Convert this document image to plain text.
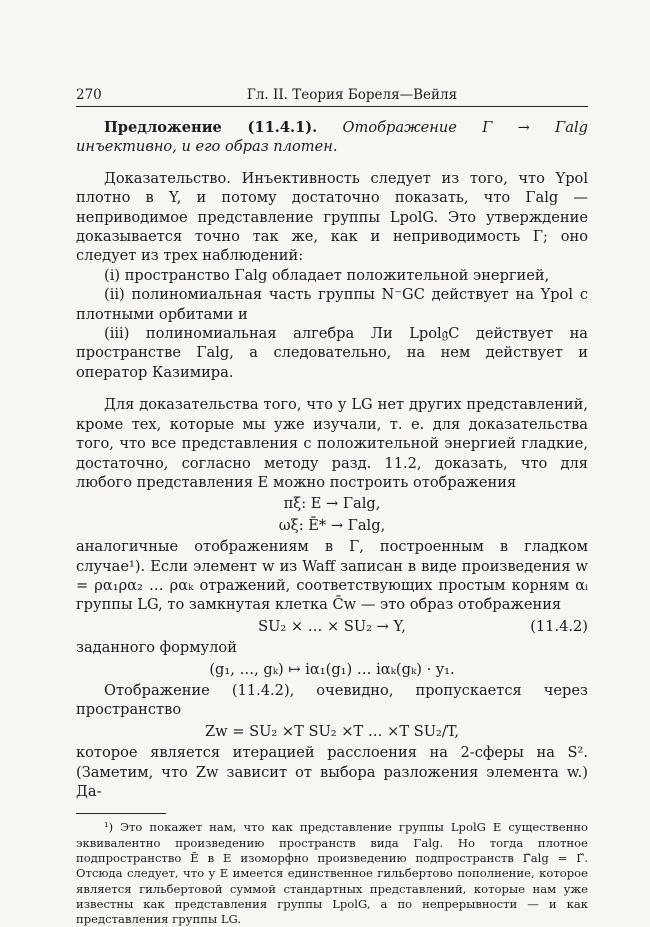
270	Гл. II. Теория Бореля—Вейля

Предложение (11.4.1). Отображение Γ → Γalg инъективно, и его образ плотен.

Доказательство. Инъективность следует из того, что Ypol плотно в Y, и потому достаточно показать, что Γalg — неприводимое представление группы LpolG. Это утверждение доказывается точно так же, как и неприводимость Γ; оно следует из трех наблюдений:

(i) пространство Γalg обладает положительной энергией,

(ii) полиномиальная часть группы N⁻GC действует на Ypol с плотными орбитами и

(iii) полиномиальная алгебра Ли Lpol𝔤C действует на пространстве Γalg, а следовательно, на нем действует и оператор Казимира.

Для доказательства того, что у LG нет других представлений, кроме тех, которые мы уже изучали, т. е. для доказательства того, что все представления с положительной энергией гладкие, достаточно, согласно методу разд. 11.2, доказать, что для любого представления E можно построить отображения

πξ: E → Γalg,

ωξ: Ē* → Γalg,

аналогичные отображениям в Γ, построенным в гладком случае¹). Если элемент w из Waff записан в виде произведения w = ρα₁ρα₂ … ραₖ отражений, соответствующих простым корням αᵢ группы LG, то замкнутая клетка C̄w — это образ отображения

SU₂ × … × SU₂ → Y,	(11.4.2)

заданного формулой

(g₁, …, gₖ) ↦ iα₁(g₁) … iαₖ(gₖ) · y₁.

Отображение (11.4.2), очевидно, пропускается через пространство

Zw = SU₂ ×T SU₂ ×T … ×T SU₂/T,

которое является итерацией расслоения на 2-сферы на S². (Заметим, что Zw зависит от выбора разложения элемента w.) Да-

¹) Это покажет нам, что как представление группы LpolG E существенно эквивалентно произведению пространств вида Γalg. Но тогда плотное подпространство Ē в E изоморфно произведению подпространств Γ̌alg = Γ̌. Отсюда следует, что у E имеется единственное гильбертово пополнение, которое является гильбертовой суммой стандартных представлений, которые нам уже известны как представления группы LpolG, а по непрерывности — и как представления группы LG.
